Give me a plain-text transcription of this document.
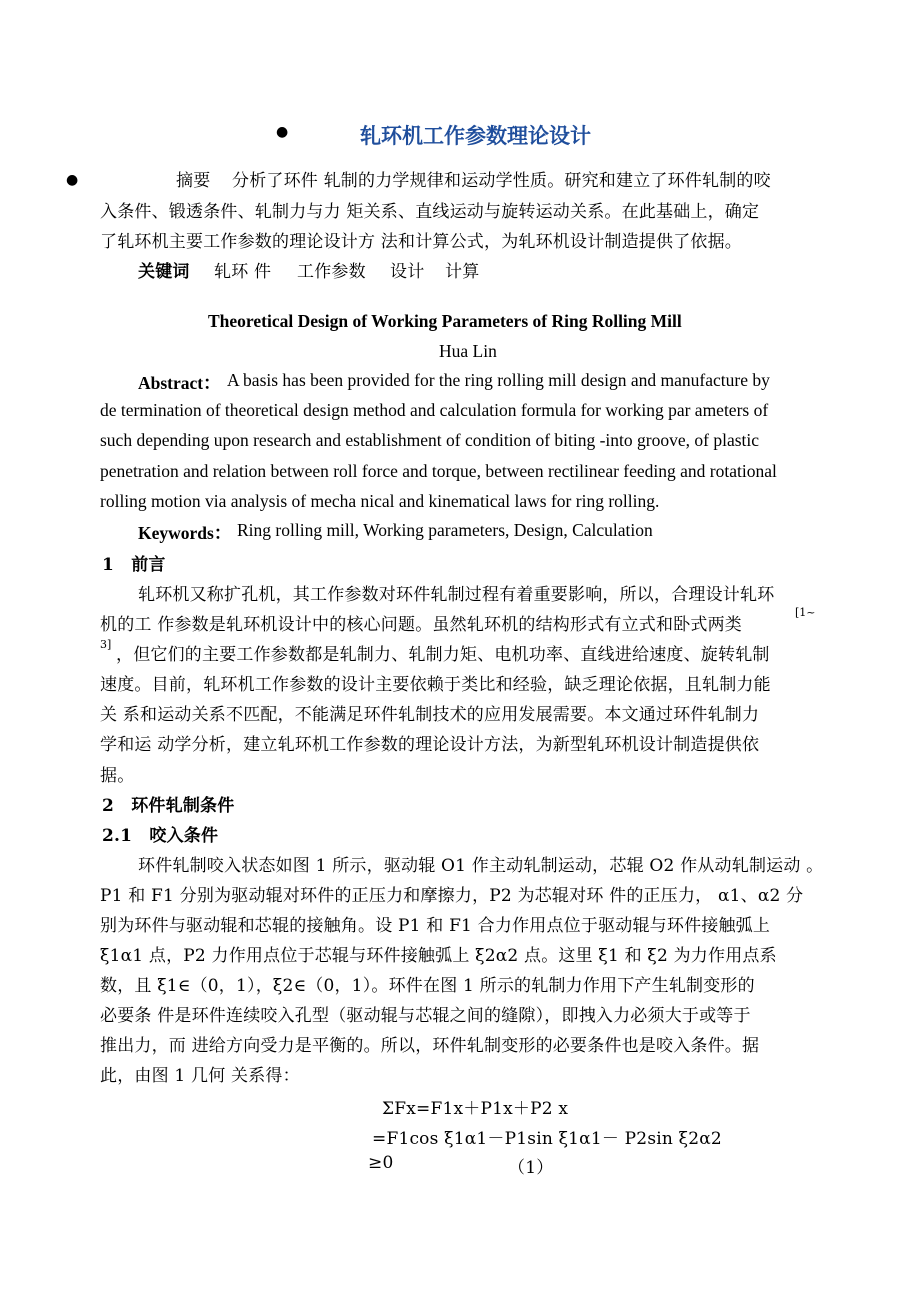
●	轧环机工作参数理论设计
●	摘要 分析了环件 轧制的力学规律和运动学性质。研究和建立了环件轧制的咬
入条件、锻透条件、轧制力与力 矩关系、直线运动与旋转运动关系。在此基础上，确定
了轧环机主要工作参数的理论设计方 法和计算公式，为轧环机设计制造提供了依据。
关键词 轧环 件 工作参数 设计 计算
Theoretical Design of Working Parameters of Ring Rolling Mill
Hua Lin
Abstract： A basis has been provided for the ring rolling mill design and manufacture by
de termination of theoretical design method and calculation formula for working par ameters of
such depending upon research and establishment of condition of biting -into groove, of plastic
penetration and relation between roll force and torque, between rectilinear feeding and rotational
rolling motion via analysis of mecha nical and kinematical laws for ring rolling.
Keywords： Ring rolling mill, Working parameters, Design, Calculation
1　前言
轧环机又称扩孔机，其工作参数对环件轧制过程有着重要影响，所以，合理设计轧环
机的工 作参数是轧环机设计中的核心问题。虽然轧环机的结构形式有立式和卧式两类
[1~
3]
，但它们的主要工作参数都是轧制力、轧制力矩、电机功率、直线进给速度、旋转轧制
速度。目前，轧环机工作参数的设计主要依赖于类比和经验，缺乏理论依据，且轧制力能
关 系和运动关系不匹配，不能满足环件轧制技术的应用发展需要。本文通过环件轧制力
学和运 动学分析，建立轧环机工作参数的理论设计方法，为新型轧环机设计制造提供依
据。
2　环件轧制条件
2.1　咬入条件
环件轧制咬入状态如图 1 所示，驱动辊 O1 作主动轧制运动，芯辊 O2 作从动轧制运动 。
P1 和 F1 分别为驱动辊对环件的正压力和摩擦力，P2 为芯辊对环 件的正压力， α1、α2 分
别为环件与驱动辊和芯辊的接触角。设 P1 和 F1 合力作用点位于驱动辊与环件接触弧上
ξ1α1 点，P2 力作用点位于芯辊与环件接触弧上 ξ2α2 点。这里 ξ1 和 ξ2 为力作用点系
数，且 ξ1∈（0，1），ξ2∈（0，1）。环件在图 1 所示的轧制力作用下产生轧制变形的
必要条 件是环件连续咬入孔型（驱动辊与芯辊之间的缝隙），即拽入力必须大于或等于
推出力，而 进给方向受力是平衡的。所以，环件轧制变形的必要条件也是咬入条件。据
此，由图 1 几何 关系得：
ΣFx=F1x＋P1x＋P2 x
=F1cos ξ1α1－P1sin ξ1α1－ P2sin ξ2α2
≥0	（1）
